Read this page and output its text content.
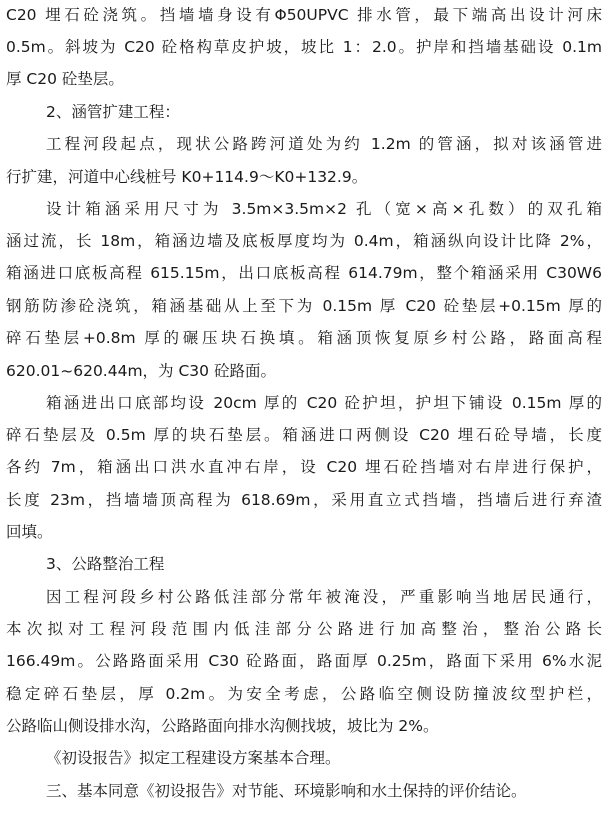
C20 埋石砼浇筑。挡墙墙身设有Φ50UPVC 排水管，最下端高出设计河床
0.5m。斜坡为 C20 砼格构草皮护坡，坡比 1：2.0。护岸和挡墙基础设 0.1m
厚 C20 砼垫层。
2、涵管扩建工程：
工程河段起点，现状公路跨河道处为约 1.2m 的管涵，拟对该涵管进
行扩建，河道中心线桩号 K0+114.9～K0+132.9。
设计箱涵采用尺寸为 3.5m×3.5m×2 孔（宽×高×孔数）的双孔箱
涵过流，长 18m，箱涵边墙及底板厚度均为 0.4m，箱涵纵向设计比降 2%，
箱涵进口底板高程 615.15m，出口底板高程 614.79m，整个箱涵采用 C30W6
钢筋防渗砼浇筑，箱涵基础从上至下为 0.15m 厚 C20 砼垫层+0.15m 厚的
碎石垫层+0.8m 厚的碾压块石换填。箱涵顶恢复原乡村公路，路面高程
620.01~620.44m，为 C30 砼路面。
箱涵进出口底部均设 20cm 厚的 C20 砼护坦，护坦下铺设 0.15m 厚的
碎石垫层及 0.5m 厚的块石垫层。箱涵进口两侧设 C20 埋石砼导墙，长度
各约 7m，箱涵出口洪水直冲右岸，设 C20 埋石砼挡墙对右岸进行保护，
长度 23m，挡墙墙顶高程为 618.69m，采用直立式挡墙，挡墙后进行弃渣
回填。
3、公路整治工程
因工程河段乡村公路低洼部分常年被淹没，严重影响当地居民通行，
本次拟对工程河段范围内低洼部分公路进行加高整治，整治公路长
166.49m。公路路面采用 C30 砼路面，路面厚 0.25m，路面下采用 6%水泥
稳定碎石垫层，厚 0.2m。为安全考虑，公路临空侧设防撞波纹型护栏，
公路临山侧设排水沟，公路路面向排水沟侧找坡，坡比为 2%。
《初设报告》拟定工程建设方案基本合理。
三、基本同意《初设报告》对节能、环境影响和水土保持的评价结论。
